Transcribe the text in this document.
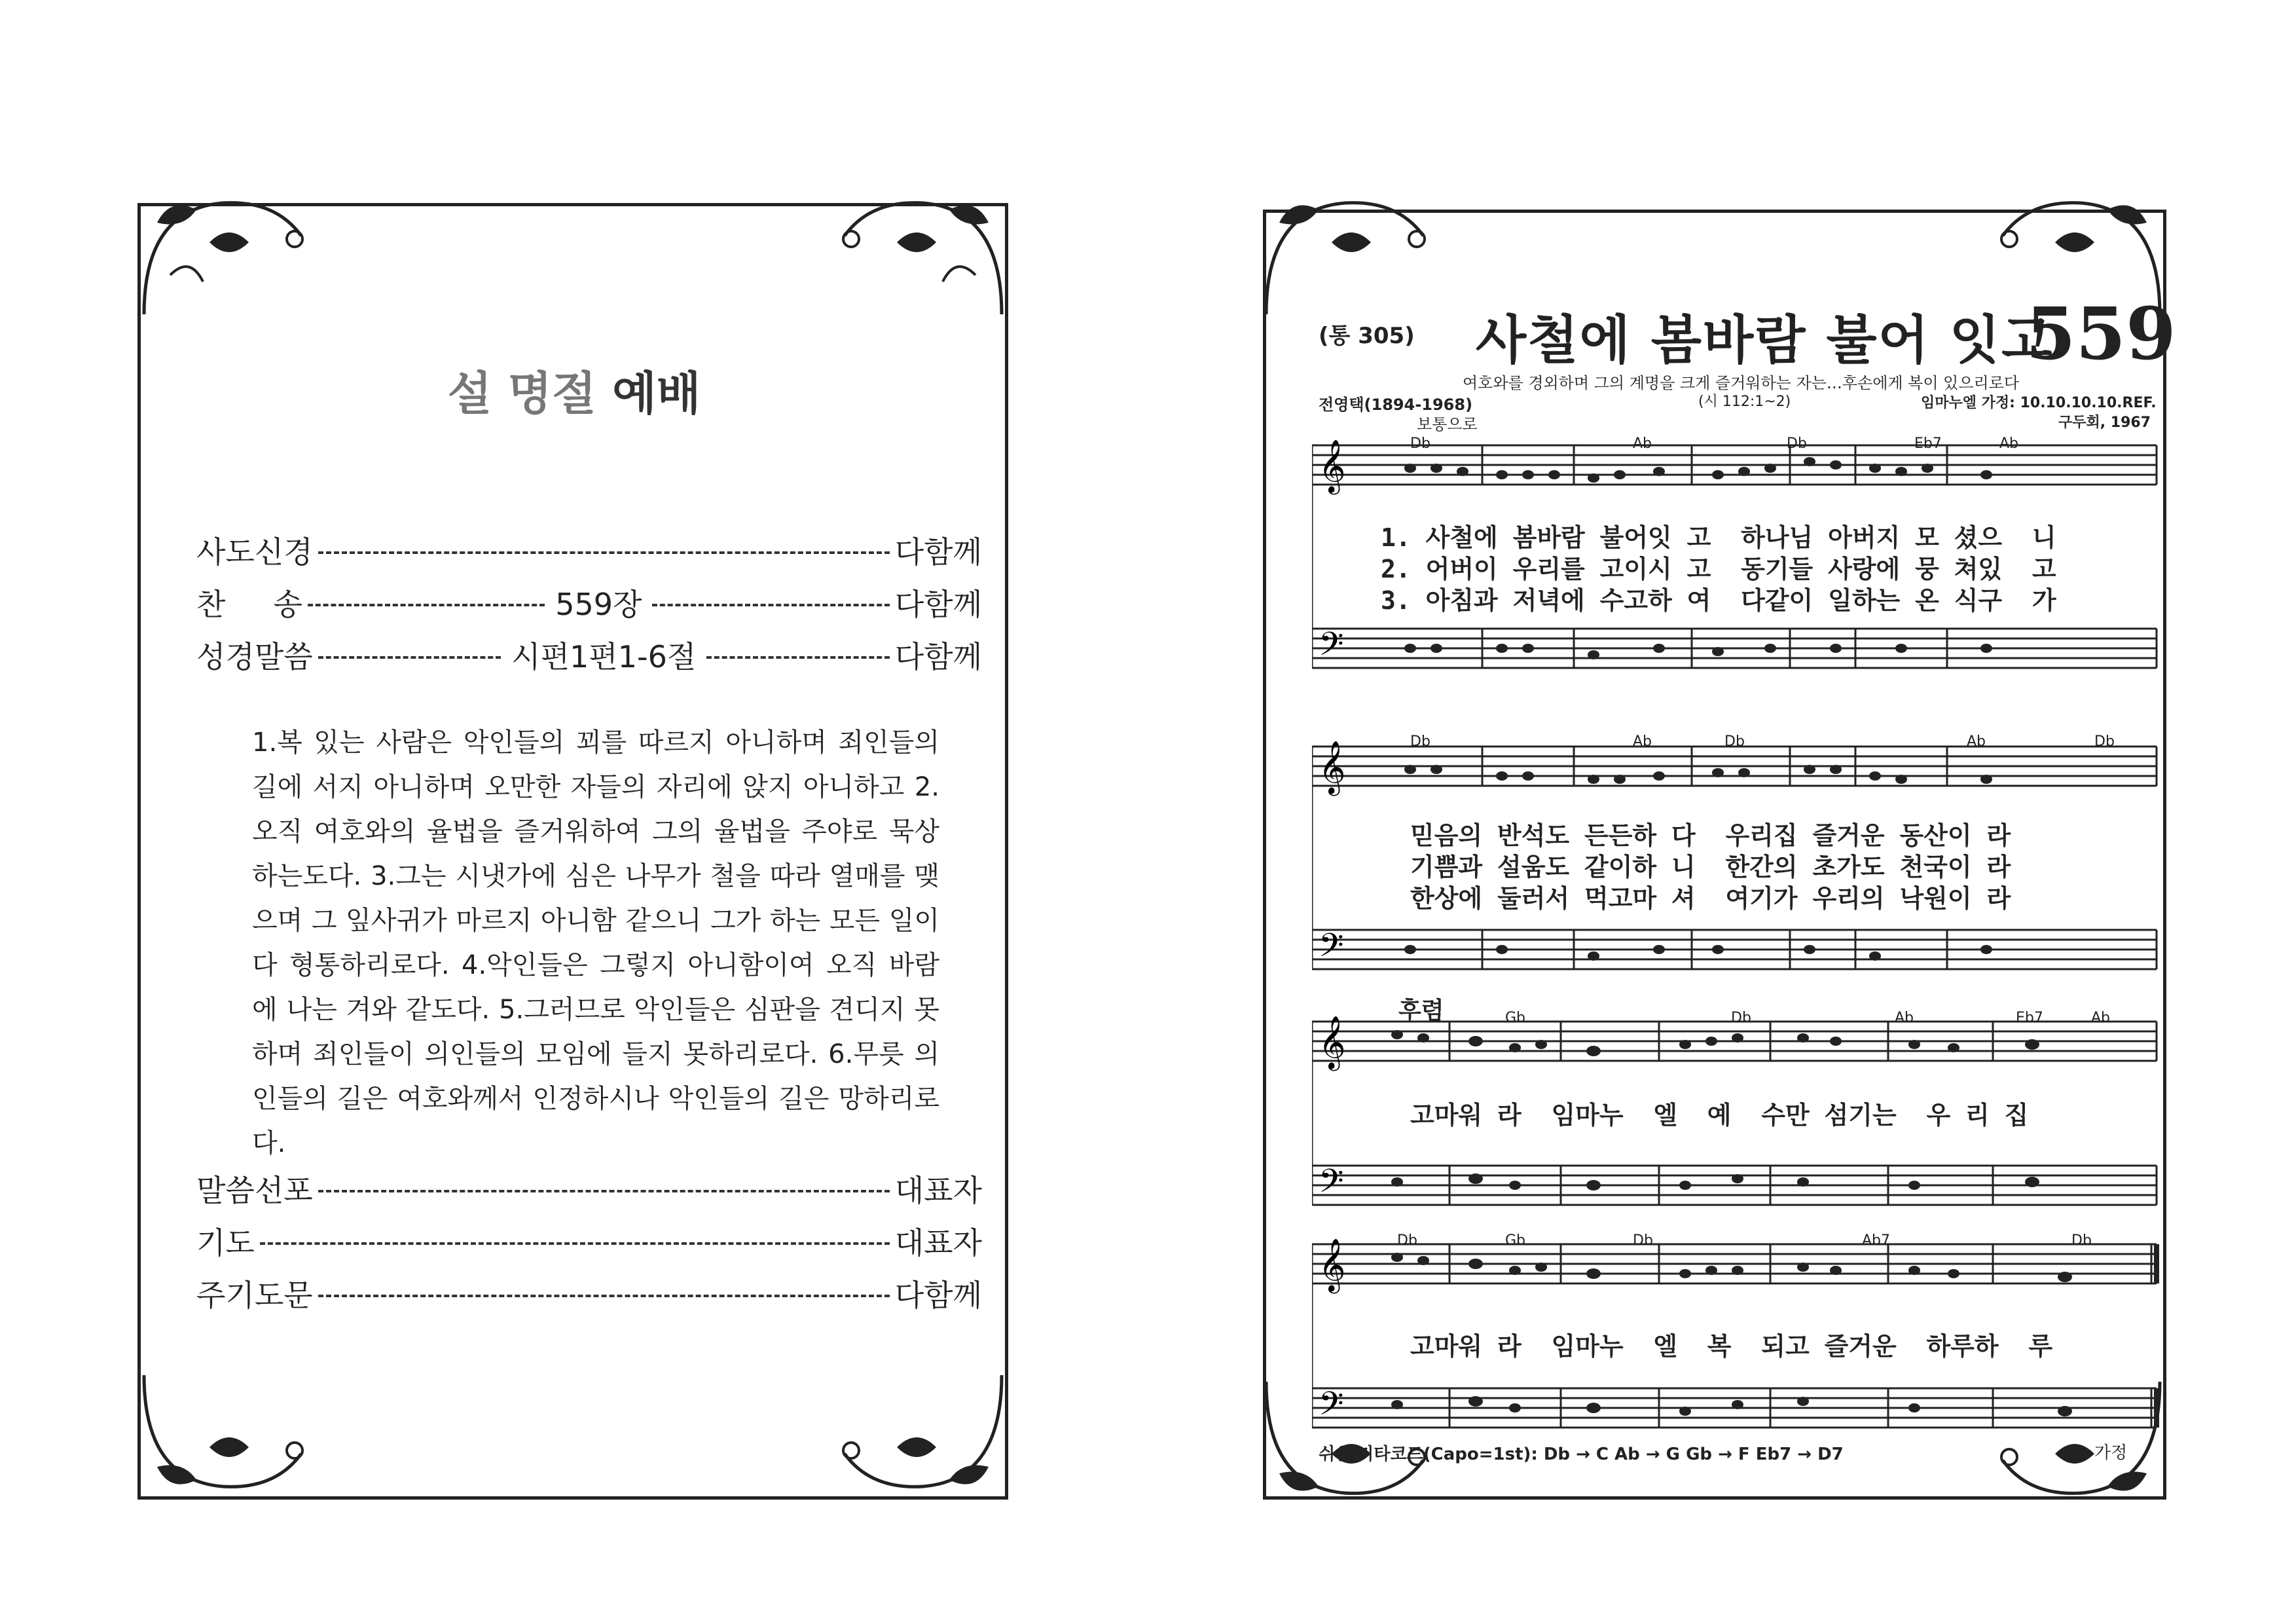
설 명절 예배
사도신경	다함께
찬     송	559장	다함께
성경말씀	시편1편1-6절	다함께

1.복 있는 사람은 악인들의 꾀를 따르지 아니하며 죄인들의 길에 서지 아니하며 오만한 자들의 자리에 앉지 아니하고 2.오직 여호와의 율법을 즐거워하여 그의 율법을 주야로 묵상하는도다. 3.그는 시냇가에 심은 나무가 철을 따라 열매를 맺으며 그 잎사귀가 마르지 아니함 같으니 그가 하는 모든 일이 다 형통하리로다. 4.악인들은 그렇지 아니함이여 오직 바람에 나는 겨와 같도다. 5.그러므로 악인들은 심판을 견디지 못하며 죄인들이 의인들의 모임에 들지 못하리로다. 6.무릇 의인들의 길은 여호와께서 인정하시나 악인들의 길은 망하리로다.

말씀선포	대표자
기도	대표자
주기도문	다함께
(통 305) 사철에 봄바람 불어 잇고
559
여호와를 경외하며 그의 계명을 크게 즐거워하는 자는…후손에게 복이 있으리로다
(시 112:1~2)
전영택(1894-1968)	임마누엘 가정: 10.10.10.10.REF.
보통으로	구두회, 1967
𝄞
𝄢
Db	Ab	Db	Eb7	Ab
1. 사철에 봄바람 불어잇 고  하나님 아버지 모 셨으  니
2. 어버이 우리를 고이시 고  동기들 사랑에 뭉 쳐있  고
3. 아침과 저녁에 수고하 여  다같이 일하는 온 식구  가
𝄞
𝄢
Db	Ab	Db	Ab	Db
믿음의 반석도 든든하 다  우리집 즐거운 동산이 라
기쁨과 설움도 같이하 니  한간의 초가도 천국이 라
한상에 둘러서 먹고마 셔  여기가 우리의 낙원이 라
후렴
𝄞
𝄢
Gb	Db	Ab	Eb7	Ab
고마워 라  임마누  엘  예  수만 섬기는  우 리 집
𝄞
𝄢
Db	Gb	Db	Ab7	Db
고마워 라  임마누  엘  복  되고 즐거운  하루하  루
쉬운 기타코드(Capo=1st): Db → C Ab → G Gb → F Eb7 → D7	가정
